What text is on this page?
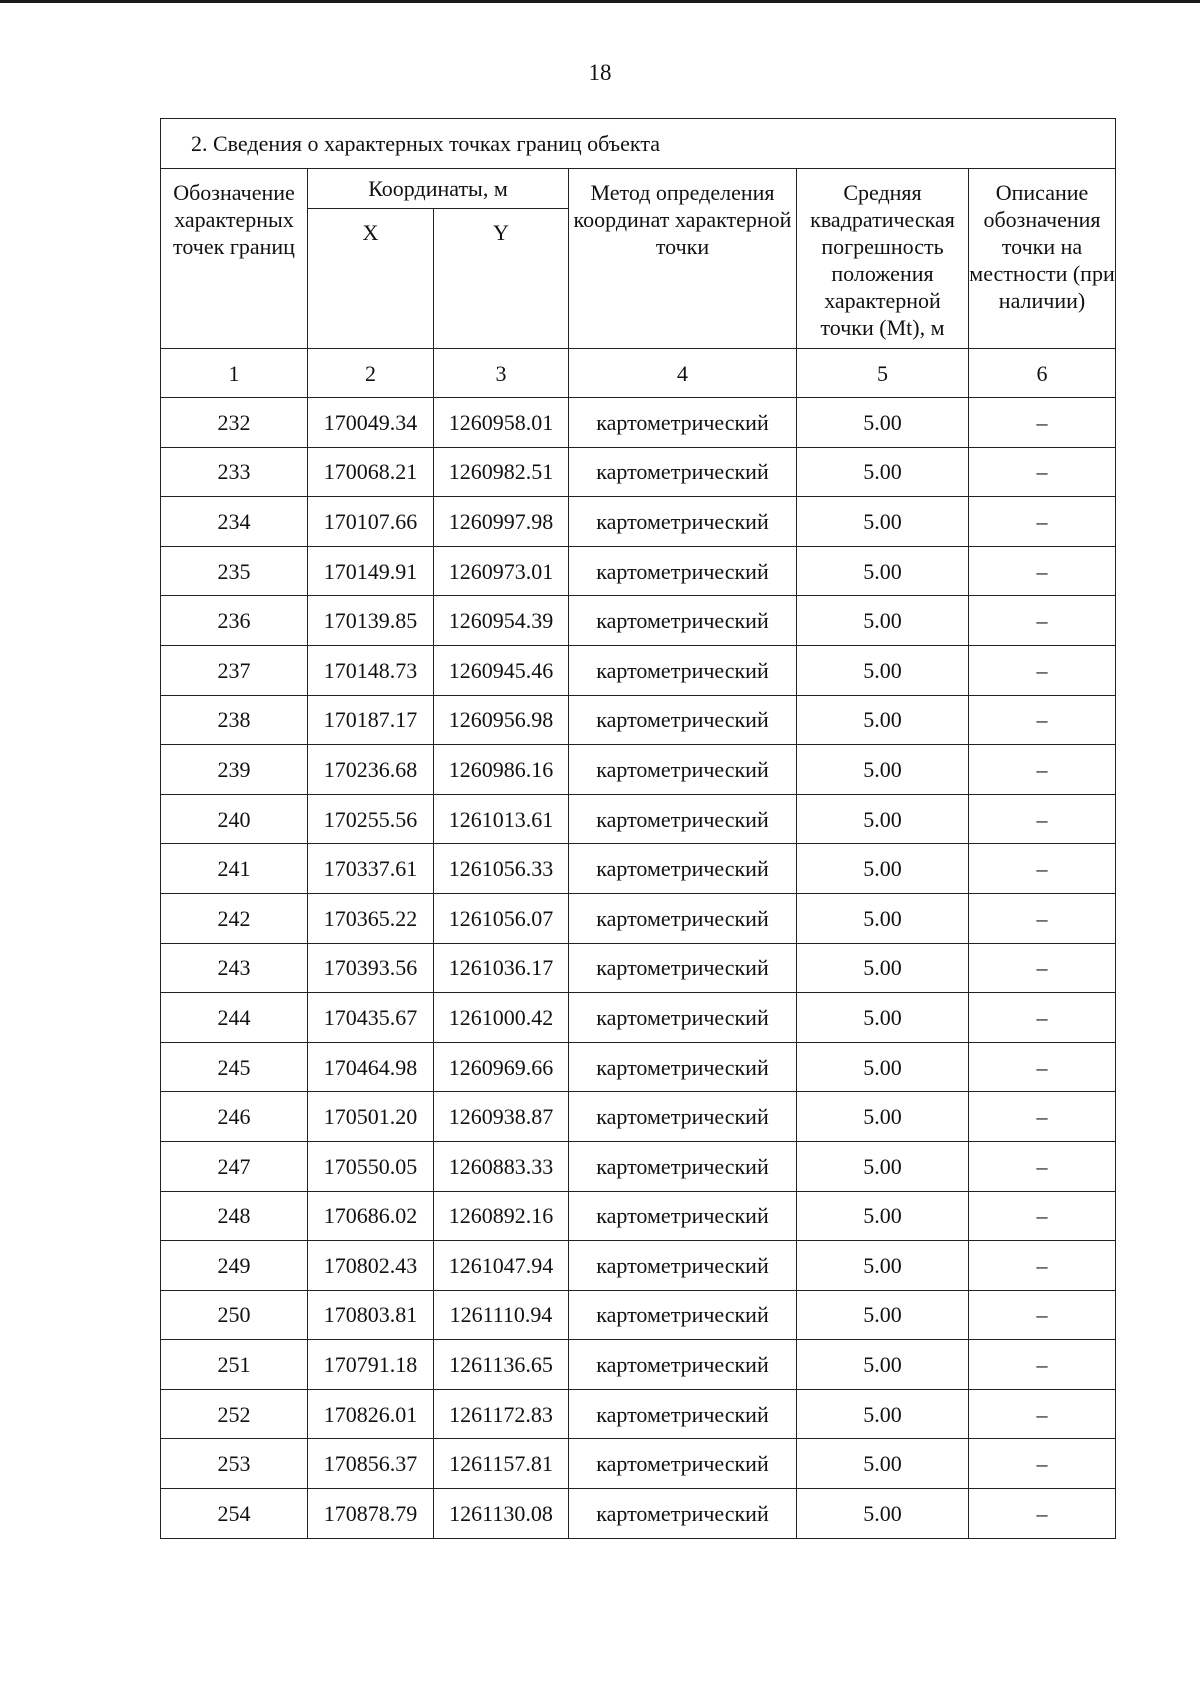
18
2. Сведения о характерных точках границ объекта					
Обозначение характерных точек границ	Координаты, м		Метод определения координат характерной точки	Средняя квадратическая погрешность положения характерной точки (Mt), м	Описание обозначения точки на местности (при наличии)
	X	Y			
1	2	3	4	5	6
232	170049.34	1260958.01	картометрический	5.00	–
233	170068.21	1260982.51	картометрический	5.00	–
234	170107.66	1260997.98	картометрический	5.00	–
235	170149.91	1260973.01	картометрический	5.00	–
236	170139.85	1260954.39	картометрический	5.00	–
237	170148.73	1260945.46	картометрический	5.00	–
238	170187.17	1260956.98	картометрический	5.00	–
239	170236.68	1260986.16	картометрический	5.00	–
240	170255.56	1261013.61	картометрический	5.00	–
241	170337.61	1261056.33	картометрический	5.00	–
242	170365.22	1261056.07	картометрический	5.00	–
243	170393.56	1261036.17	картометрический	5.00	–
244	170435.67	1261000.42	картометрический	5.00	–
245	170464.98	1260969.66	картометрический	5.00	–
246	170501.20	1260938.87	картометрический	5.00	–
247	170550.05	1260883.33	картометрический	5.00	–
248	170686.02	1260892.16	картометрический	5.00	–
249	170802.43	1261047.94	картометрический	5.00	–
250	170803.81	1261110.94	картометрический	5.00	–
251	170791.18	1261136.65	картометрический	5.00	–
252	170826.01	1261172.83	картометрический	5.00	–
253	170856.37	1261157.81	картометрический	5.00	–
254	170878.79	1261130.08	картометрический	5.00	–
